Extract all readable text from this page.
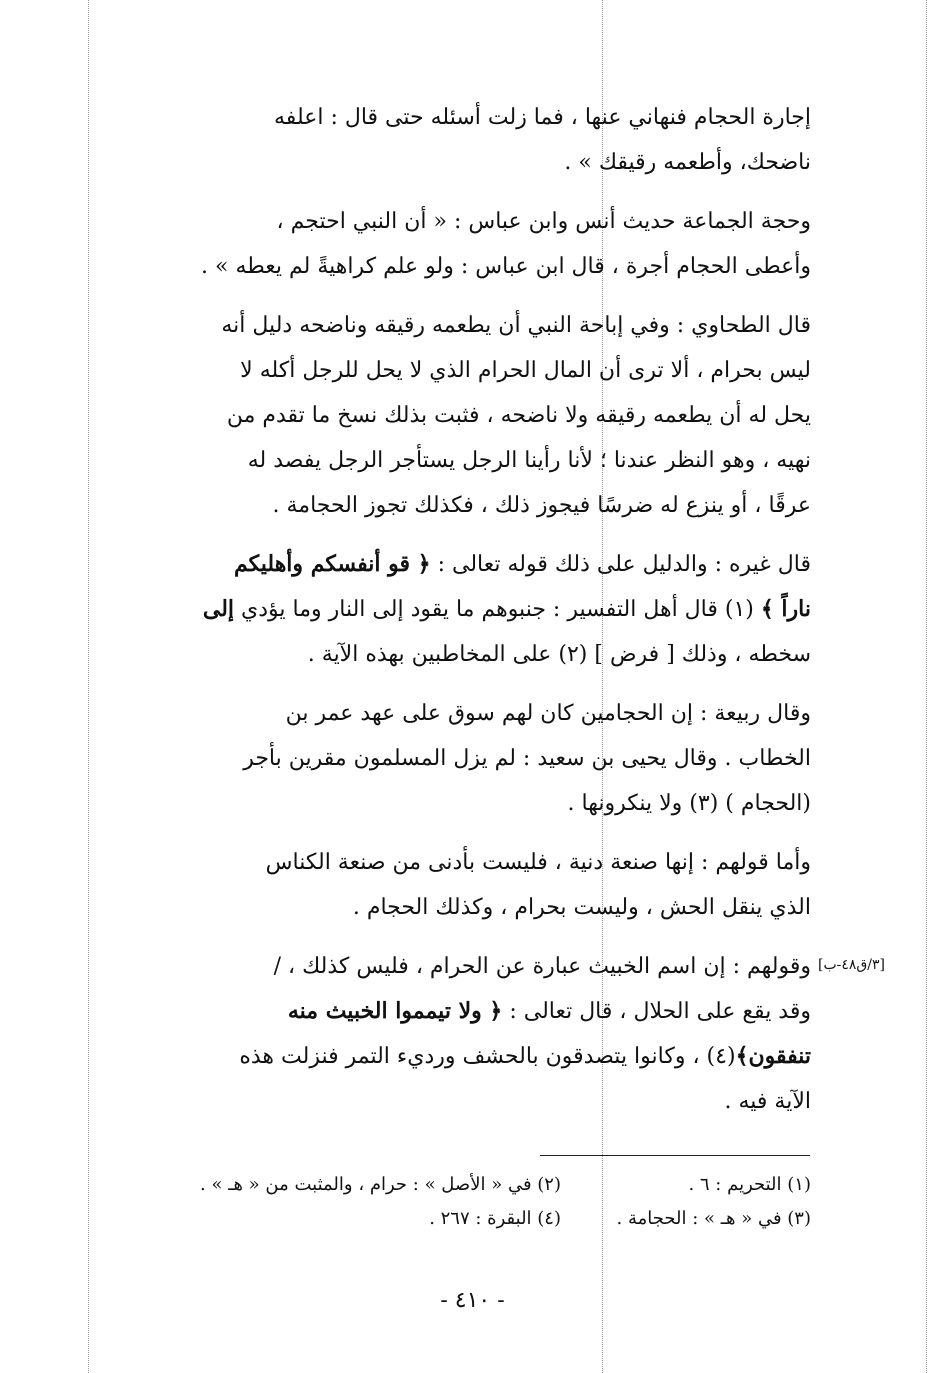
إجارة الحجام فنهاني عنها ، فما زلت أسئله حتى قال : اعلفه
ناضحك، وأطعمه رقيقك » .
وحجة الجماعة حديث أنس وابن عباس : « أن النبي احتجم ،
وأعطى الحجام أجرة ، قال ابن عباس : ولو علم كراهيةً لم يعطه » .
قال الطحاوي : وفي إباحة النبي أن يطعمه رقيقه وناضحه دليل أنه
ليس بحرام ، ألا ترى أن المال الحرام الذي لا يحل للرجل أكله لا
يحل له أن يطعمه رقيقه ولا ناضحه ، فثبت بذلك نسخ ما تقدم من
نهيه ، وهو النظر عندنا ؛ لأنا رأينا الرجل يستأجر الرجل يفصد له
عرقًا ، أو ينزع له ضرسًا فيجوز ذلك ، فكذلك تجوز الحجامة .
قال غيره : والدليل على ذلك قوله تعالى : ﴿ قو أنفسكم وأهليكم
ناراً ﴾ (١) قال أهل التفسير : جنبوهم ما يقود إلى النار وما يؤدي إلى
سخطه ، وذلك [ فرض ] (٢) على المخاطبين بهذه الآية .
وقال ربيعة : إن الحجامين كان لهم سوق على عهد عمر بن
الخطاب . وقال يحيى بن سعيد : لم يزل المسلمون مقرين بأجر
(الحجام ) (٣) ولا ينكرونها .
وأما قولهم : إنها صنعة دنية ، فليست بأدنى من صنعة الكناس
الذي ينقل الحش ، وليست بحرام ، وكذلك الحجام .
وقولهم : إن اسم الخبيث عبارة عن الحرام ، فليس كذلك ، /
وقد يقع على الحلال ، قال تعالى : ﴿ ولا تيمموا الخبيث منه
تنفقون﴾(٤) ، وكانوا يتصدقون بالحشف ورديء التمر فنزلت هذه
الآية فيه .
[٣/ق٤٨-ب]
(١) التحريم : ٦ .
(٢) في « الأصل » : حرام ، والمثبت من « هـ » .
(٣) في « هـ » : الحجامة .
(٤) البقرة : ٢٦٧ .
- ٤١٠ -
